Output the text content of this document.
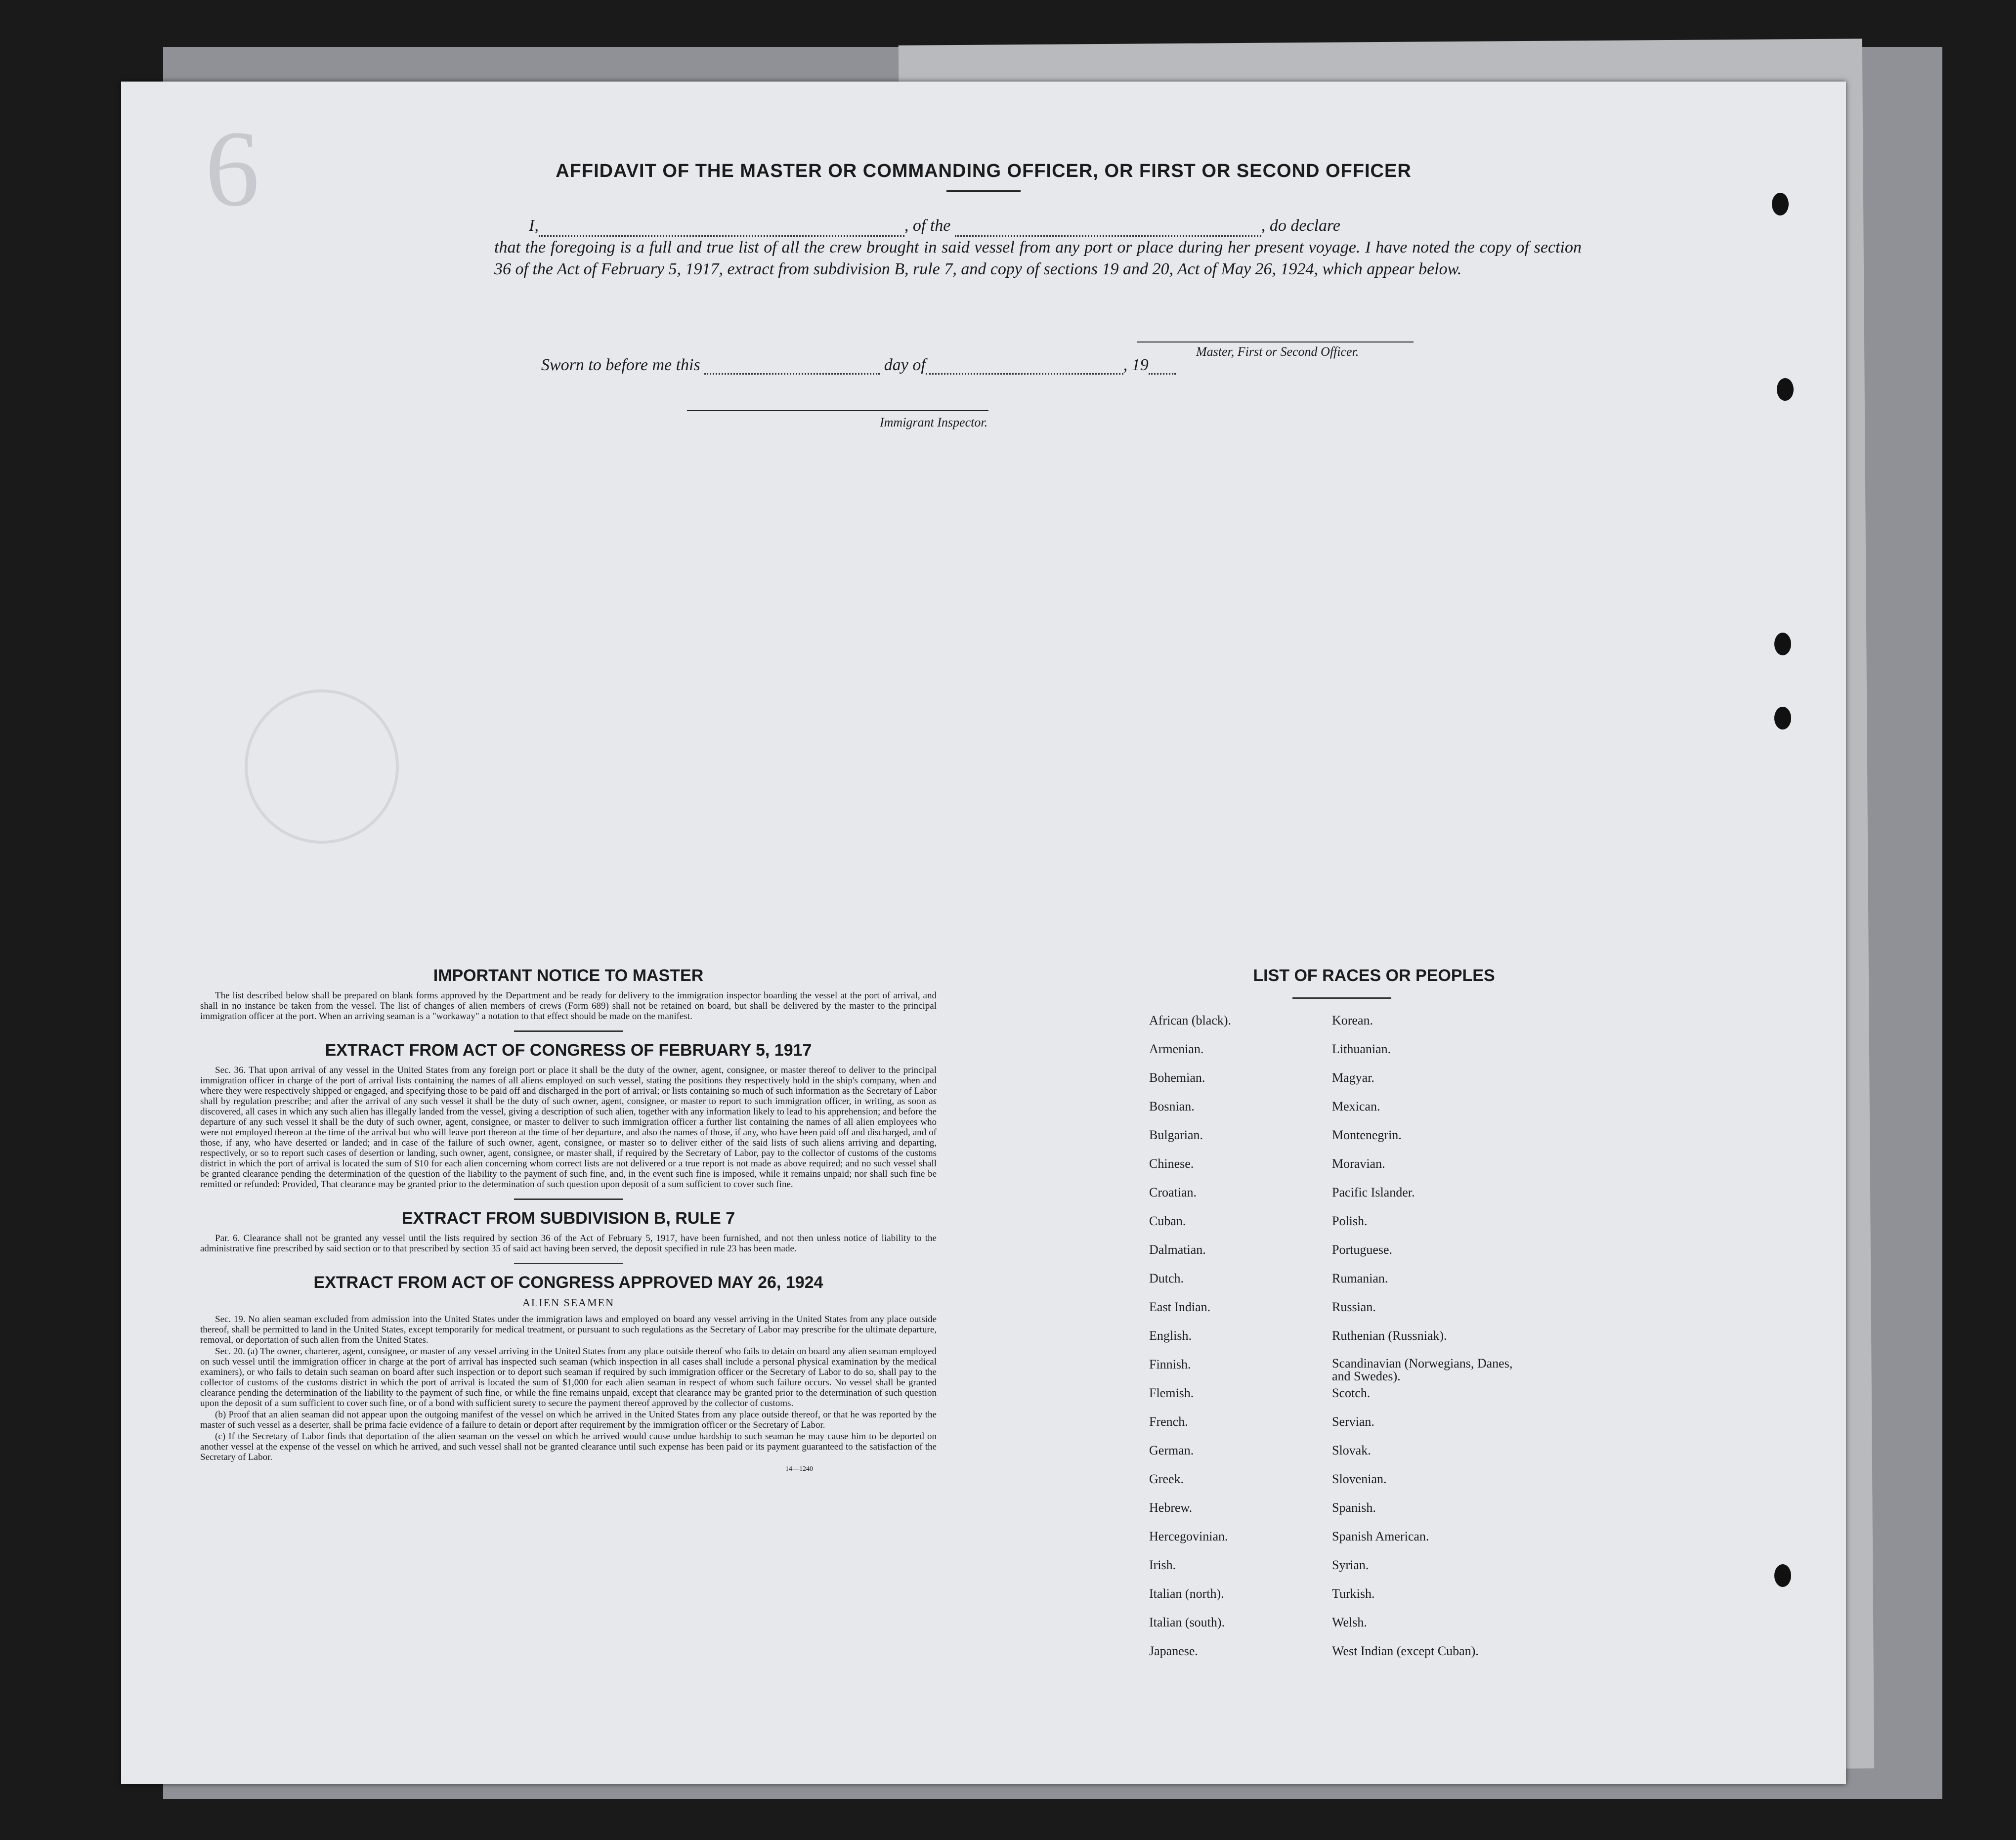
6	AFFIDAVIT OF THE MASTER OR COMMANDING OFFICER, OR FIRST OR SECOND OFFICER
I,	, of the	, do declare
that the foregoing is a full and true list of all the crew brought in said vessel from any port or place during her present voyage. I have noted the copy of section 36 of the Act of February 5, 1917, extract from subdivision B, rule 7, and copy of sections 19 and 20, Act of May 26, 1924, which appear below.
Master, First or Second Officer.
Sworn to before me this	day of	, 19
Immigrant Inspector.
IMPORTANT NOTICE TO MASTER

The list described below shall be prepared on blank forms approved by the Department and be ready for delivery to the immigration inspector boarding the vessel at the port of arrival, and shall in no instance be taken from the vessel. The list of changes of alien members of crews (Form 689) shall not be retained on board, but shall be delivered by the master to the principal immigration officer at the port. When an arriving seaman is a "workaway" a notation to that effect should be made on the manifest.

EXTRACT FROM ACT OF CONGRESS OF FEBRUARY 5, 1917

Sec. 36. That upon arrival of any vessel in the United States from any foreign port or place it shall be the duty of the owner, agent, consignee, or master thereof to deliver to the principal immigration officer in charge of the port of arrival lists containing the names of all aliens employed on such vessel, stating the positions they respectively hold in the ship's company, when and where they were respectively shipped or engaged, and specifying those to be paid off and discharged in the port of arrival; or lists containing so much of such information as the Secretary of Labor shall by regulation prescribe; and after the arrival of any such vessel it shall be the duty of such owner, agent, consignee, or master to report to such immigration officer, in writing, as soon as discovered, all cases in which any such alien has illegally landed from the vessel, giving a description of such alien, together with any information likely to lead to his apprehension; and before the departure of any such vessel it shall be the duty of such owner, agent, consignee, or master to deliver to such immigration officer a further list containing the names of all alien employees who were not employed thereon at the time of the arrival but who will leave port thereon at the time of her departure, and also the names of those, if any, who have been paid off and discharged, and of those, if any, who have deserted or landed; and in case of the failure of such owner, agent, consignee, or master so to deliver either of the said lists of such aliens arriving and departing, respectively, or so to report such cases of desertion or landing, such owner, agent, consignee, or master shall, if required by the Secretary of Labor, pay to the collector of customs of the customs district in which the port of arrival is located the sum of $10 for each alien concerning whom correct lists are not delivered or a true report is not made as above required; and no such vessel shall be granted clearance pending the determination of the question of the liability to the payment of such fine, and, in the event such fine is imposed, while it remains unpaid; nor shall such fine be remitted or refunded: Provided, That clearance may be granted prior to the determination of such question upon deposit of a sum sufficient to cover such fine.

EXTRACT FROM SUBDIVISION B, RULE 7

Par. 6. Clearance shall not be granted any vessel until the lists required by section 36 of the Act of February 5, 1917, have been furnished, and not then unless notice of liability to the administrative fine prescribed by said section or to that prescribed by section 35 of said act having been served, the deposit specified in rule 23 has been made.

EXTRACT FROM ACT OF CONGRESS APPROVED MAY 26, 1924
ALIEN SEAMEN

Sec. 19. No alien seaman excluded from admission into the United States under the immigration laws and employed on board any vessel arriving in the United States from any place outside thereof, shall be permitted to land in the United States, except temporarily for medical treatment, or pursuant to such regulations as the Secretary of Labor may prescribe for the ultimate departure, removal, or deportation of such alien from the United States.

Sec. 20. (a) The owner, charterer, agent, consignee, or master of any vessel arriving in the United States from any place outside thereof who fails to detain on board any alien seaman employed on such vessel until the immigration officer in charge at the port of arrival has inspected such seaman (which inspection in all cases shall include a personal physical examination by the medical examiners), or who fails to detain such seaman on board after such inspection or to deport such seaman if required by such immigration officer or the Secretary of Labor to do so, shall pay to the collector of customs of the customs district in which the port of arrival is located the sum of $1,000 for each alien seaman in respect of whom such failure occurs. No vessel shall be granted clearance pending the determination of the liability to the payment of such fine, or while the fine remains unpaid, except that clearance may be granted prior to the determination of such question upon the deposit of a sum sufficient to cover such fine, or of a bond with sufficient surety to secure the payment thereof approved by the collector of customs.

(b) Proof that an alien seaman did not appear upon the outgoing manifest of the vessel on which he arrived in the United States from any place outside thereof, or that he was reported by the master of such vessel as a deserter, shall be prima facie evidence of a failure to detain or deport after requirement by the immigration officer or the Secretary of Labor.

(c) If the Secretary of Labor finds that deportation of the alien seaman on the vessel on which he arrived would cause undue hardship to such seaman he may cause him to be deported on another vessel at the expense of the vessel on which he arrived, and such vessel shall not be granted clearance until such expense has been paid or its payment guaranteed to the satisfaction of the Secretary of Labor.

14—1240
LIST OF RACES OR PEOPLES
African (black).	Korean.
Armenian.	Lithuanian.
Bohemian.	Magyar.
Bosnian.	Mexican.
Bulgarian.	Montenegrin.
Chinese.	Moravian.
Croatian.	Pacific Islander.
Cuban.	Polish.
Dalmatian.	Portuguese.
Dutch.	Rumanian.
East Indian.	Russian.
English.	Ruthenian (Russniak).
Finnish.	Scandinavian (Norwegians, Danes, and Swedes).
Flemish.	Scotch.
French.	Servian.
German.	Slovak.
Greek.	Slovenian.
Hebrew.	Spanish.
Hercegovinian.	Spanish American.
Irish.	Syrian.
Italian (north).	Turkish.
Italian (south).	Welsh.
Japanese.	West Indian (except Cuban).
